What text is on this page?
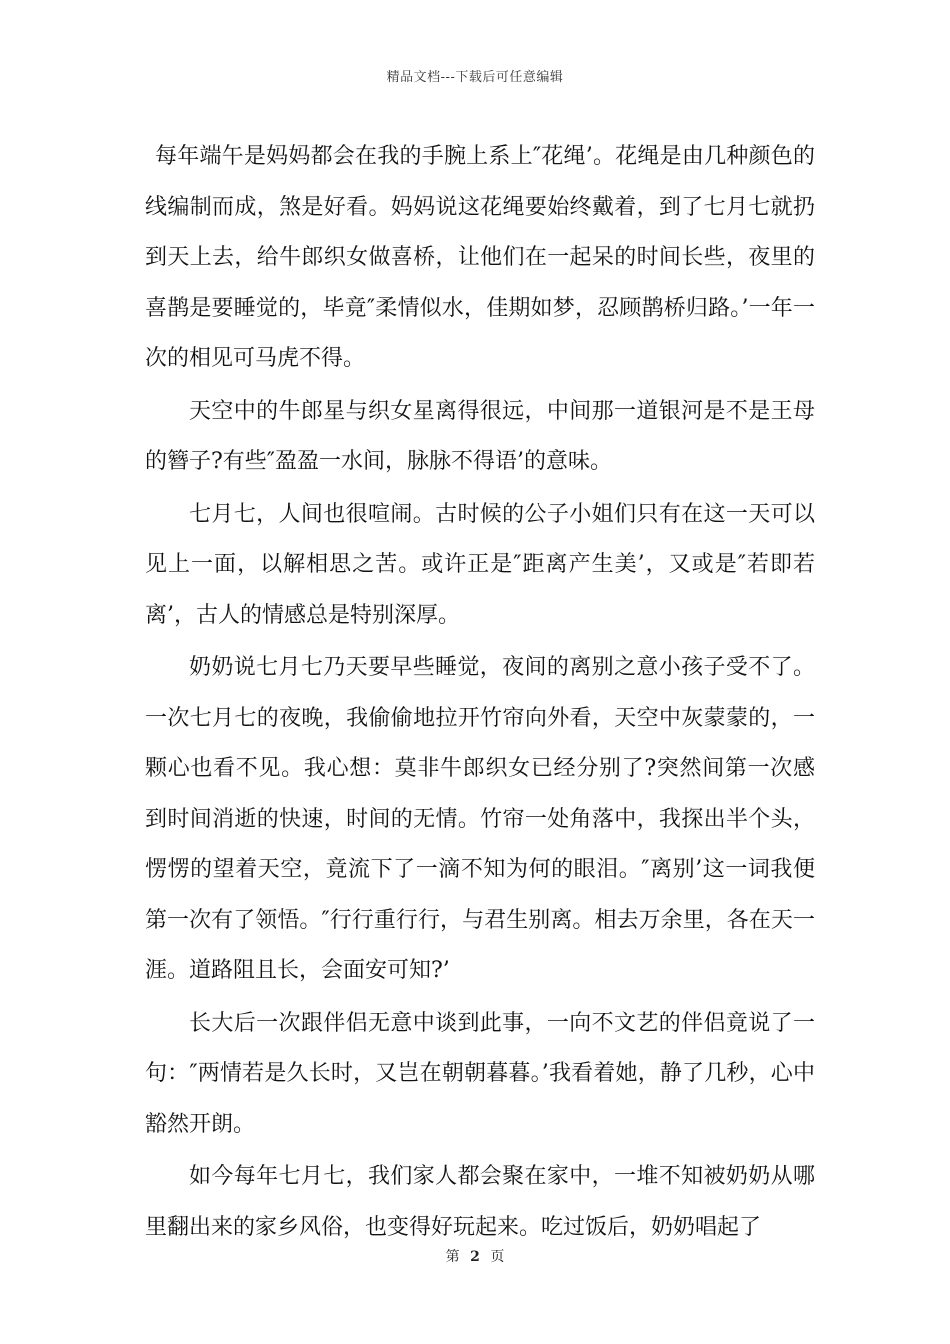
精品文档---下载后可任意编辑

每年端午是妈妈都会在我的手腕上系上″花绳’。花绳是由几种颜色的线编制而成，煞是好看。妈妈说这花绳要始终戴着，到了七月七就扔到天上去，给牛郎织女做喜桥，让他们在一起呆的时间长些，夜里的喜鹊是要睡觉的，毕竟″柔情似水，佳期如梦，忍顾鹊桥归路。’一年一次的相见可马虎不得。

天空中的牛郎星与织女星离得很远，中间那一道银河是不是王母的簪子?有些″盈盈一水间，脉脉不得语’的意味。

七月七，人间也很喧闹。古时候的公子小姐们只有在这一天可以见上一面，以解相思之苦。或许正是″距离产生美’，又或是″若即若离’，古人的情感总是特别深厚。

奶奶说七月七乃天要早些睡觉，夜间的离别之意小孩子受不了。一次七月七的夜晚，我偷偷地拉开竹帘向外看，天空中灰蒙蒙的，一颗心也看不见。我心想：莫非牛郎织女已经分别了?突然间第一次感到时间消逝的快速，时间的无情。竹帘一处角落中，我探出半个头，愣愣的望着天空，竟流下了一滴不知为何的眼泪。″离别’这一词我便第一次有了领悟。″行行重行行，与君生别离。相去万余里，各在天一涯。道路阻且长，会面安可知?’

长大后一次跟伴侣无意中谈到此事，一向不文艺的伴侣竟说了一句：″两情若是久长时，又岂在朝朝暮暮。’我看着她，静了几秒，心中豁然开朗。

如今每年七月七，我们家人都会聚在家中，一堆不知被奶奶从哪里翻出来的家乡风俗，也变得好玩起来。吃过饭后，奶奶唱起了

第 2 页
